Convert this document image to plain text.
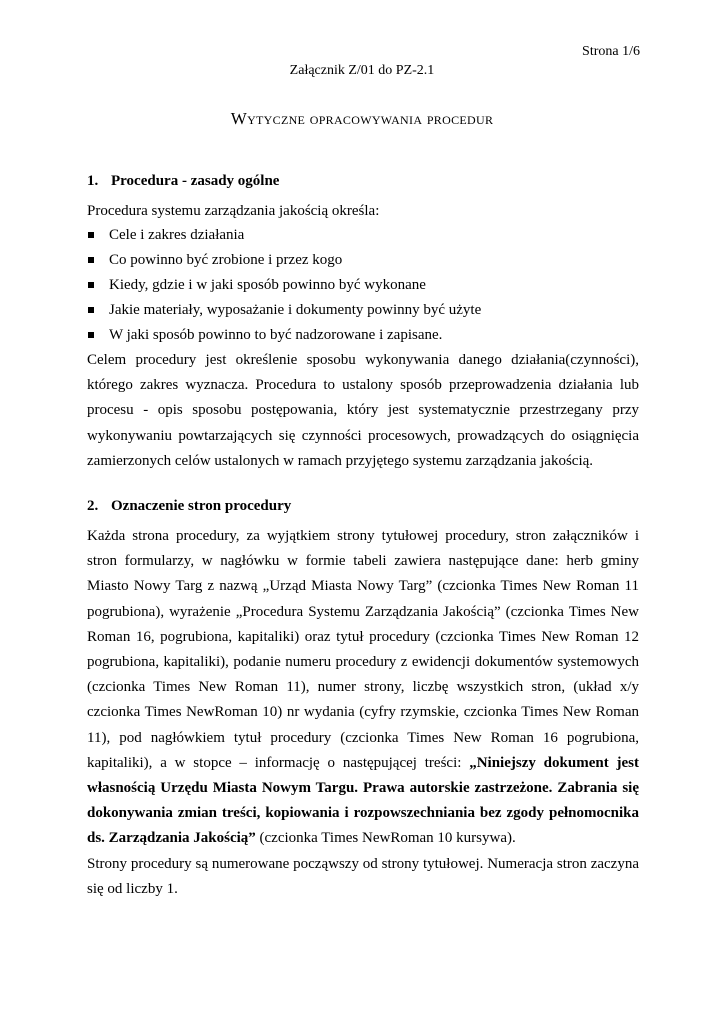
Strona 1/6
Załącznik Z/01 do PZ-2.1
Wytyczne opracowywania procedur
1. Procedura - zasady ogólne

Procedura systemu zarządzania jakością określa:

Cele i zakres działania
Co powinno być zrobione i przez kogo
Kiedy, gdzie i w jaki sposób powinno być wykonane
Jakie materiały, wyposażanie i dokumenty powinny być użyte
W jaki sposób powinno to być nadzorowane i zapisane.

Celem procedury jest określenie sposobu wykonywania danego działania(czynności), którego zakres wyznacza. Procedura to ustalony sposób przeprowadzenia działania lub procesu - opis sposobu postępowania, który jest systematycznie przestrzegany przy wykonywaniu powtarzających się czynności procesowych, prowadzących do osiągnięcia zamierzonych celów ustalonych w ramach przyjętego systemu zarządzania jakością.

2. Oznaczenie stron procedury

Każda strona procedury, za wyjątkiem strony tytułowej procedury, stron załączników i stron formularzy, w nagłówku w formie tabeli zawiera następujące dane: herb gminy Miasto Nowy Targ z nazwą „Urząd Miasta Nowy Targ” (czcionka Times New Roman 11 pogrubiona), wyrażenie „Procedura Systemu Zarządzania Jakością” (czcionka Times New Roman 16, pogrubiona, kapitaliki) oraz tytuł procedury (czcionka Times New Roman 12 pogrubiona, kapitaliki), podanie numeru procedury z ewidencji dokumentów systemowych (czcionka Times New Roman 11), numer strony, liczbę wszystkich stron, (układ x/y czcionka Times NewRoman 10) nr wydania (cyfry rzymskie, czcionka Times New Roman 11), pod nagłówkiem tytuł procedury (czcionka Times New Roman 16 pogrubiona, kapitaliki), a w stopce – informację o następującej treści: „Niniejszy dokument jest własnością Urzędu Miasta Nowym Targu. Prawa autorskie zastrzeżone. Zabrania się dokonywania zmian treści, kopiowania i rozpowszechniania bez zgody pełnomocnika ds. Zarządzania Jakością” (czcionka Times NewRoman 10 kursywa).

Strony procedury są numerowane począwszy od strony tytułowej. Numeracja stron zaczyna się od liczby 1.
